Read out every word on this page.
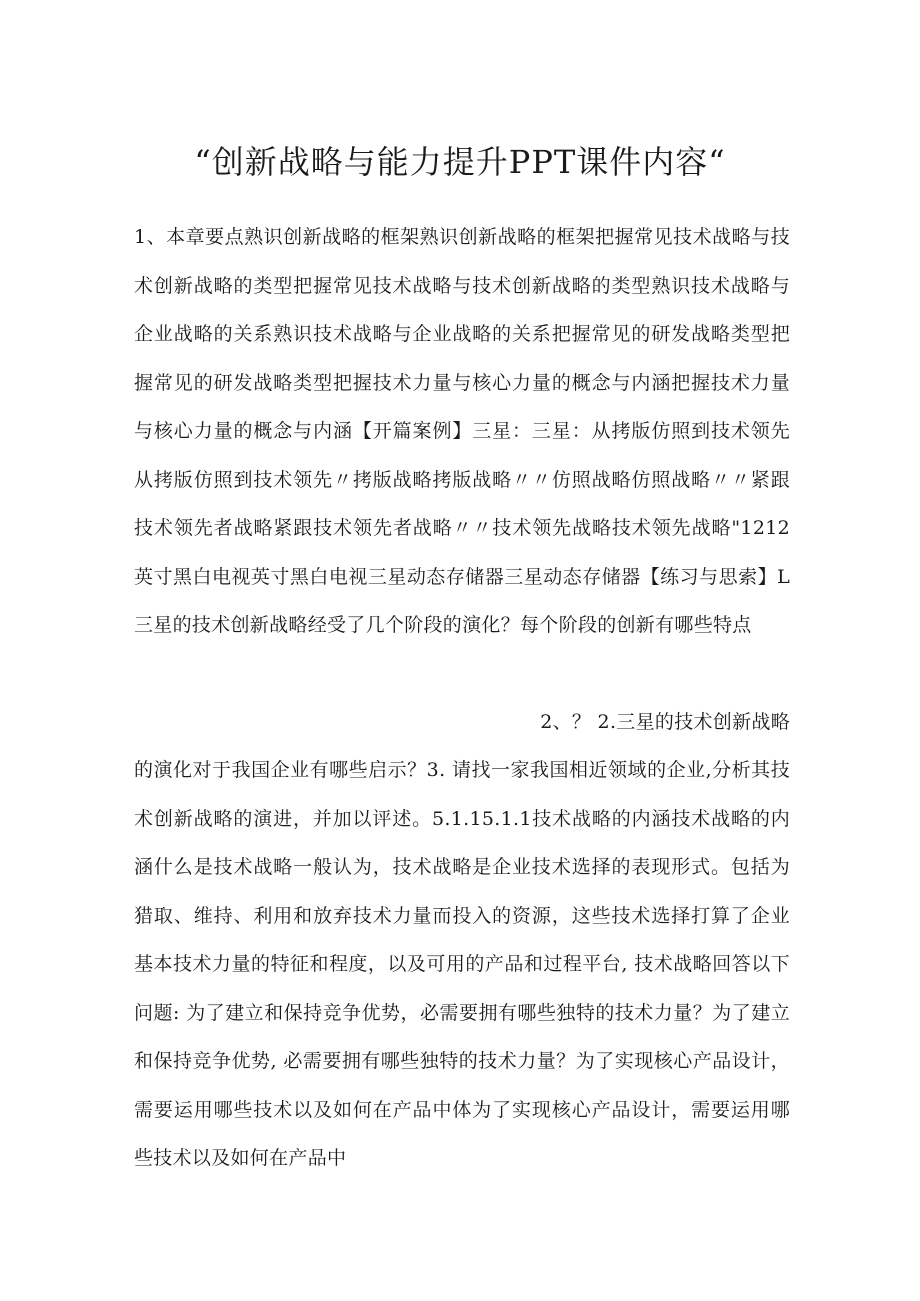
“创新战略与能力提升PPT课件内容“

1、本章要点熟识创新战略的框架熟识创新战略的框架把握常见技术战略与技术创新战略的类型把握常见技术战略与技术创新战略的类型熟识技术战略与企业战略的关系熟识技术战略与企业战略的关系把握常见的研发战略类型把握常见的研发战略类型把握技术力量与核心力量的概念与内涵把握技术力量与核心力量的概念与内涵【开篇案例】三星：三星：从拷版仿照到技术领先从拷版仿照到技术领先〃拷版战略拷版战略〃〃仿照战略仿照战略〃〃紧跟技术领先者战略紧跟技术领先者战略〃〃技术领先战略技术领先战略"1212英寸黑白电视英寸黑白电视三星动态存储器三星动态存储器【练习与思索】L三星的技术创新战略经受了几个阶段的演化？每个阶段的创新有哪些特点

2、？ 2.三星的技术创新战略

的演化对于我国企业有哪些启示？3. 请找一家我国相近领域的企业,分析其技术创新战略的演进，并加以评述。5.1.15.1.1技术战略的内涵技术战略的内涵什么是技术战略一般认为，技术战略是企业技术选择的表现形式。包括为猎取、维持、利用和放弃技术力量而投入的资源，这些技术选择打算了企业基本技术力量的特征和程度，以及可用的产品和过程平台, 技术战略回答以下问题: 为了建立和保持竞争优势，必需要拥有哪些独特的技术力量？为了建立和保持竞争优势, 必需要拥有哪些独特的技术力量？为了实现核心产品设计，需要运用哪些技术以及如何在产品中体为了实现核心产品设计，需要运用哪些技术以及如何在产品中
